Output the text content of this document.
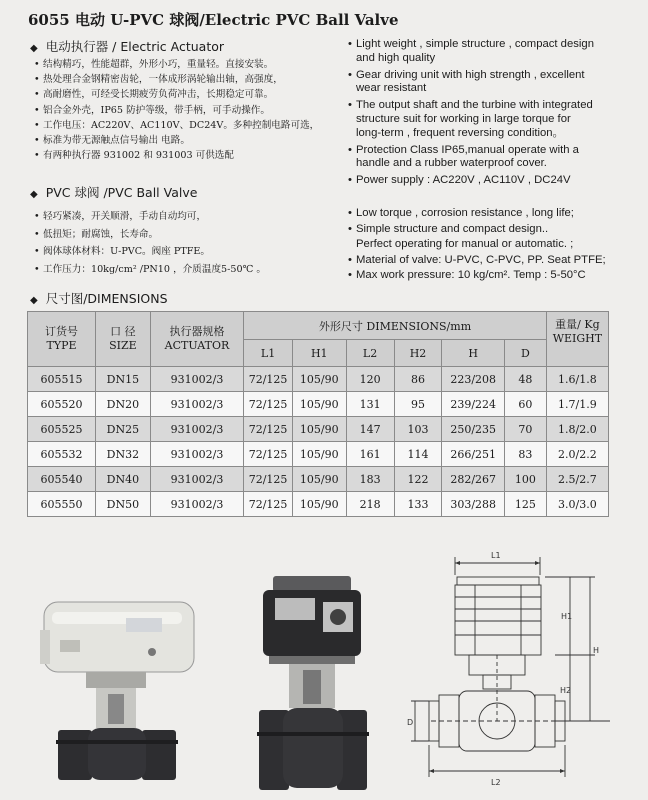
6055 电动 U-PVC 球阀/Electric PVC Ball Valve
◆ 电动执行器 / Electric Actuator
• 结构精巧，性能超群，外形小巧，重量轻。直接安装。
• 热处理合金钢精密齿轮，一体成形涡轮输出轴，高强度，
• 高耐磨性，可经受长期疲劳负荷冲击，长期稳定可靠。
• 铝合金外壳，IP65 防护等级，带手柄，可手动操作。
• 工作电压：AC220V、AC110V、DC24V。多种控制电路可选，
• 标准为带无源触点信号输出 电路。
• 有两种执行器 931002 和 931003 可供选配
• Light weight , simple structure , compact design
and high quality
• Gear driving unit with high strength , excellent
wear resistant
• The output shaft and the turbine with integrated
structure suit for working in large torque for
long-term , frequent reversing condition。
• Protection Class IP65,manual operate with a
handle and a rubber waterproof cover.
• Power supply : AC220V , AC110V , DC24V
◆ PVC 球阀 /PVC Ball Valve
• 轻巧紧凑，开关顺滑，手动自动均可，
• 低扭矩；耐腐蚀，长寿命。
• 阀体球体材料：U-PVC。阀座 PTFE。
• 工作压力：10kg/cm² /PN10 ，介质温度5-50℃ 。
• Low torque , corrosion resistance , long life;
• Simple structure and compact design..
Perfect operating for manual or automatic. ;
• Material of valve: U-PVC, C-PVC, PP. Seat PTFE;
• Max work pressure: 10 kg/cm². Temp : 5-50°C
◆ 尺寸图/DIMENSIONS
订货号
TYPE	口 径
SIZE	执行器规格
ACTUATOR	外形尺寸 DIMENSIONS/mm						重量/ Kg
WEIGHT

			L1	H1	L2	H2	H	D	
605515	DN15	931002/3	72/125	105/90	120	86	223/208	48	1.6/1.8
605520	DN20	931002/3	72/125	105/90	131	95	239/224	60	1.7/1.9
605525	DN25	931002/3	72/125	105/90	147	103	250/235	70	1.8/2.0
605532	DN32	931002/3	72/125	105/90	161	114	266/251	83	2.0/2.2
605540	DN40	931002/3	72/125	105/90	183	122	282/267	100	2.5/2.7
605550	DN50	931002/3	72/125	105/90	218	133	303/288	125	3.0/3.0
L1
H1
H
H2
D
L2
